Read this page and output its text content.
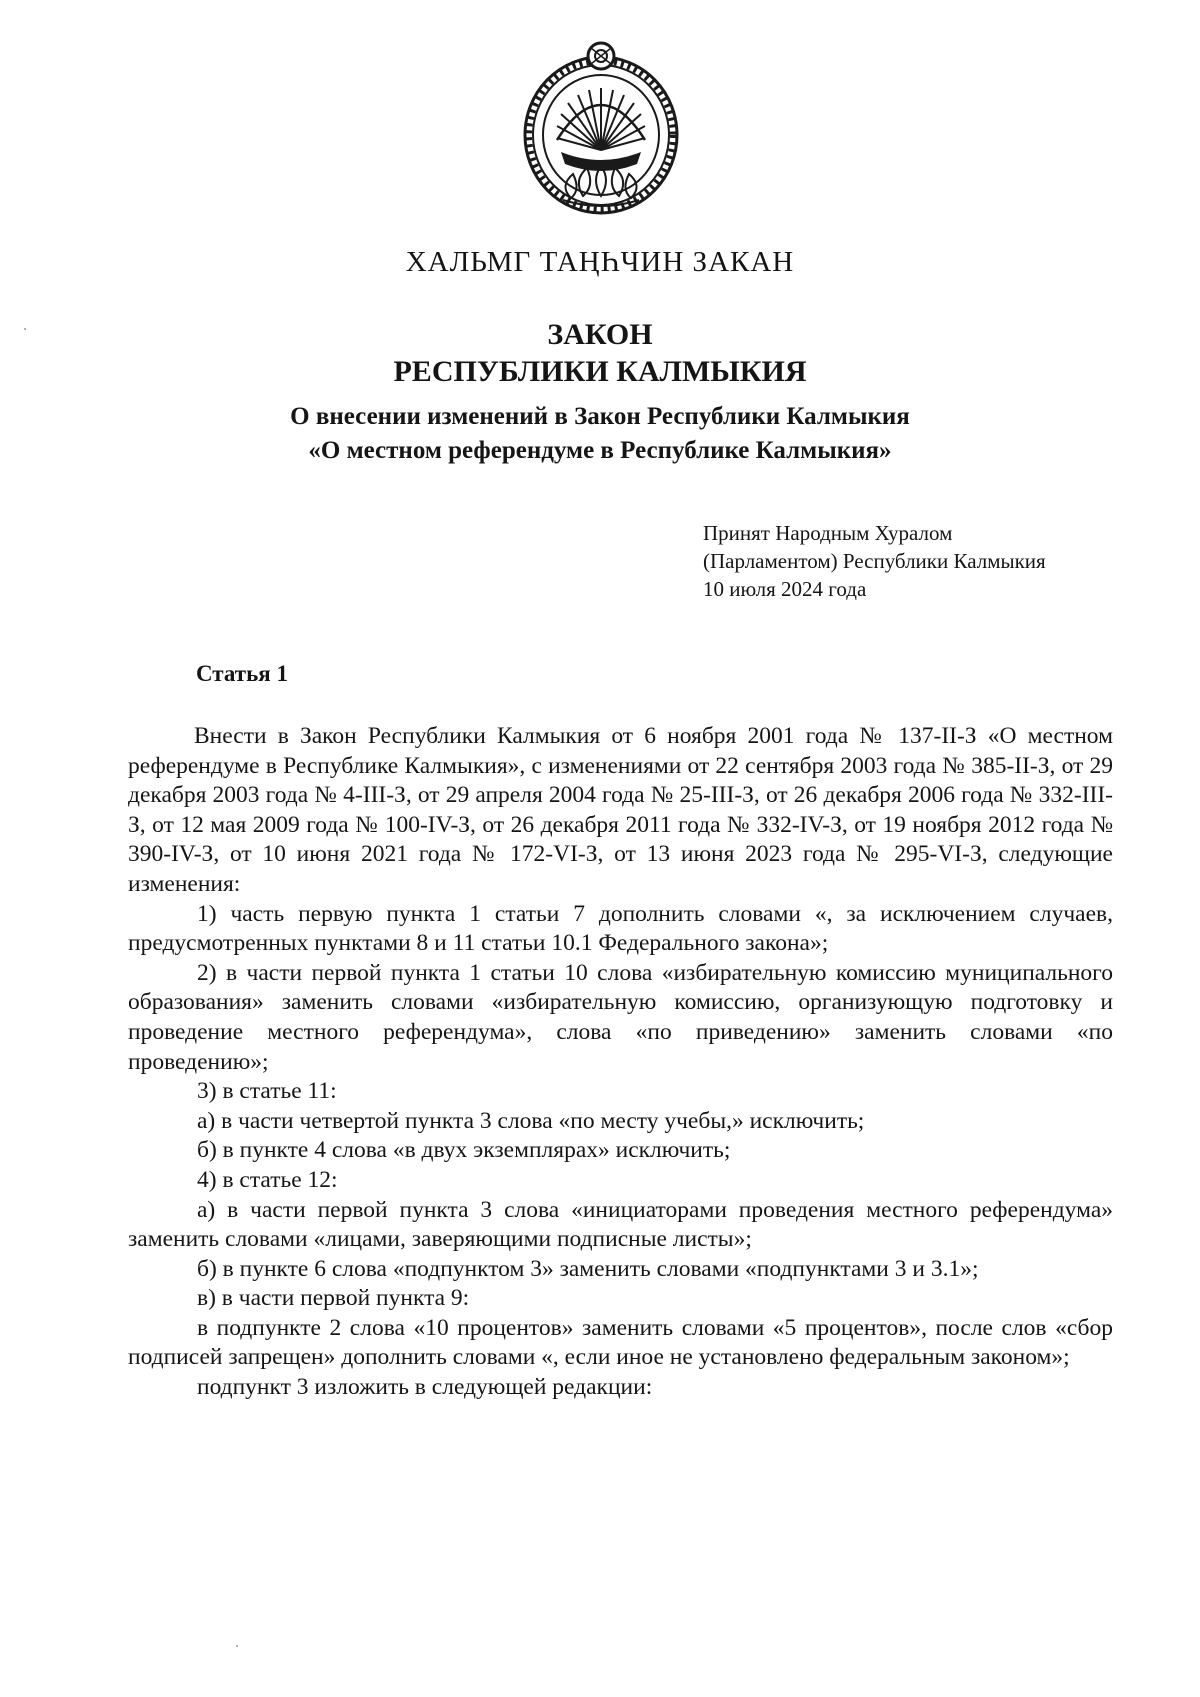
ХАЛЬМГ ТАҢҺЧИН ЗАКАН
ЗАКОН
РЕСПУБЛИКИ КАЛМЫКИЯ
О внесении изменений в Закон Республики Калмыкия
«О местном референдуме в Республике Калмыкия»
Принят Народным Хуралом
(Парламентом) Республики Калмыкия
10 июля 2024 года
Статья 1

Внести в Закон Республики Калмыкия от 6 ноября 2001 года № 137-II-З «О местном референдуме в Республике Калмыкия», с изменениями от 22 сентября 2003 года № 385-II-З, от 29 декабря 2003 года № 4-III-З, от 29 апреля 2004 года № 25-III-З, от 26 декабря 2006 года № 332-III-З, от 12 мая 2009 года № 100-IV-З, от 26 декабря 2011 года № 332-IV-З, от 19 ноября 2012 года № 390-IV-З, от 10 июня 2021 года № 172-VI-З, от 13 июня 2023 года № 295-VI-З, следующие изменения:

1) часть первую пункта 1 статьи 7 дополнить словами «, за исключением случаев, предусмотренных пунктами 8 и 11 статьи 10.1 Федерального закона»;

2) в части первой пункта 1 статьи 10 слова «избирательную комиссию муниципального образования» заменить словами «избирательную комиссию, организующую подготовку и проведение местного референдума», слова «по приведению» заменить словами «по проведению»;

3) в статье 11:

а) в части четвертой пункта 3 слова «по месту учебы,» исключить;

б) в пункте 4 слова «в двух экземплярах» исключить;

4) в статье 12:

а) в части первой пункта 3 слова «инициаторами проведения местного референдума» заменить словами «лицами, заверяющими подписные листы»;

б) в пункте 6 слова «подпунктом 3» заменить словами «подпунктами 3 и 3.1»;

в) в части первой пункта 9:

в подпункте 2 слова «10 процентов» заменить словами «5 процентов», после слов «сбор подписей запрещен» дополнить словами «, если иное не установлено федеральным законом»;

подпункт 3 изложить в следующей редакции:
